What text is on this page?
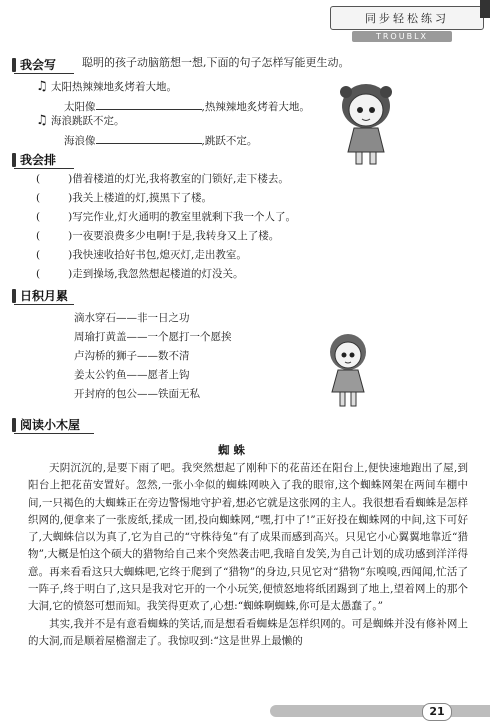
同步轻松练习
TROUBLX
我会写 聪明的孩子动脑筋想一想,下面的句子怎样写能更生动。
♫ 太阳热辣辣地炙烤着大地。
太阳像	,热辣辣地炙烤着大地。
♫ 海浪跳跃不定。
海浪像	,跳跃不定。
我会排
(	)借着楼道的灯光,我将教室的门锁好,走下楼去。
(	)我关上楼道的灯,摸黑下了楼。
(	)写完作业,灯火通明的教室里就剩下我一个人了。
(	)一夜要浪费多少电啊!于是,我转身又上了楼。
(	)我快速收拾好书包,熄灭灯,走出教室。
(	)走到操场,我忽然想起楼道的灯没关。
日积月累
滴水穿石——非一日之功
周瑜打黄盖——一个愿打一个愿挨
卢沟桥的狮子——数不清
姜太公钓鱼——愿者上钩
开封府的包公——铁面无私
阅读小木屋
蜘 蛛

天阴沉沉的,是要下雨了吧。我突然想起了刚种下的花苗还在阳台上,便快速地跑出了屋,到阳台上把花苗安置好。忽然,一张小伞似的蜘蛛网映入了我的眼帘,这个蜘蛛网架在两间车棚中间,一只褐色的大蜘蛛正在旁边警惕地守护着,想必它就是这张网的主人。我很想看看蜘蛛是怎样织网的,便拿来了一张废纸,揉成一团,投向蜘蛛网,“嘿,打中了!”正好投在蜘蛛网的中间,这下可好了,大蜘蛛信以为真了,它为自己的“守株待兔”有了成果而感到高兴。只见它小心翼翼地靠近“猎物”,大概是怕这个硕大的猎物给自己来个突然袭击吧,我暗自发笑,为自己计划的成功感到洋洋得意。再来看看这只大蜘蛛吧,它终于爬到了“猎物”的身边,只见它对“猎物”东嗅嗅,西闻闻,忙活了一阵子,终于明白了,这只是我对它开的一个小玩笑,便愤怒地将纸团踢到了地上,望着网上的那个大洞,它的愤怒可想而知。我笑得更欢了,心想:“蜘蛛啊蜘蛛,你可是太愚蠢了。”

其实,我并不是有意看蜘蛛的笑话,而是想看看蜘蛛是怎样织网的。可是蜘蛛并没有修补网上的大洞,而是顺着屋檐溜走了。我惊叹到:“这是世界上最懒的

21
